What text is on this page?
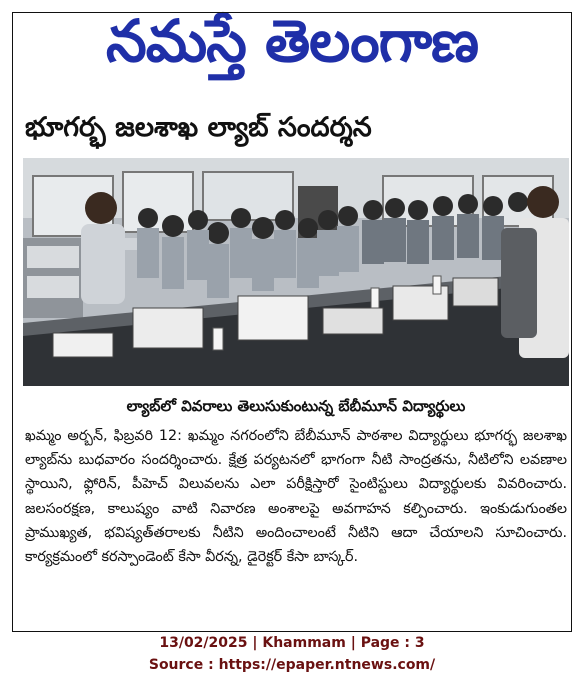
నమస్తే తెలంగాణ
భూగర్భ జలశాఖ ల్యాబ్ సందర్శన
ల్యాబ్‌లో వివరాలు తెలుసుకుంటున్న బేబీమూన్ విద్యార్థులు

ఖమ్మం అర్బన్, ఫిబ్రవరి 12: ఖమ్మం నగరంలోని బేబీమూన్ పాఠశాల విద్యార్థులు భూగర్భ జలశాఖ ల్యాబ్‌ను బుధవారం సందర్శించారు. క్షేత్ర పర్యటనలో భాగంగా నీటి సాంద్రతను, నీటిలోని లవణాల స్థాయిని, ఫ్లోరిన్, పీహెచ్ విలువలను ఎలా పరీక్షిస్తారో సైంటిస్టులు విద్యార్థులకు వివరించారు. జలసంరక్షణ, కాలుష్యం వాటి నివారణ అంశాలపై అవగాహన కల్పించారు. ఇంకుడుగుంతల ప్రాముఖ్యత, భవిష్యత్‌తరాలకు నీటిని అందించాలంటే నీటిని ఆదా చేయాలని సూచించారు. కార్యక్రమంలో కరస్పాండెంట్ కేసా వీరన్న, డైరెక్టర్ కేసా బాస్కర్.

13/02/2025 | Khammam | Page : 3
Source : https://epaper.ntnews.com/
